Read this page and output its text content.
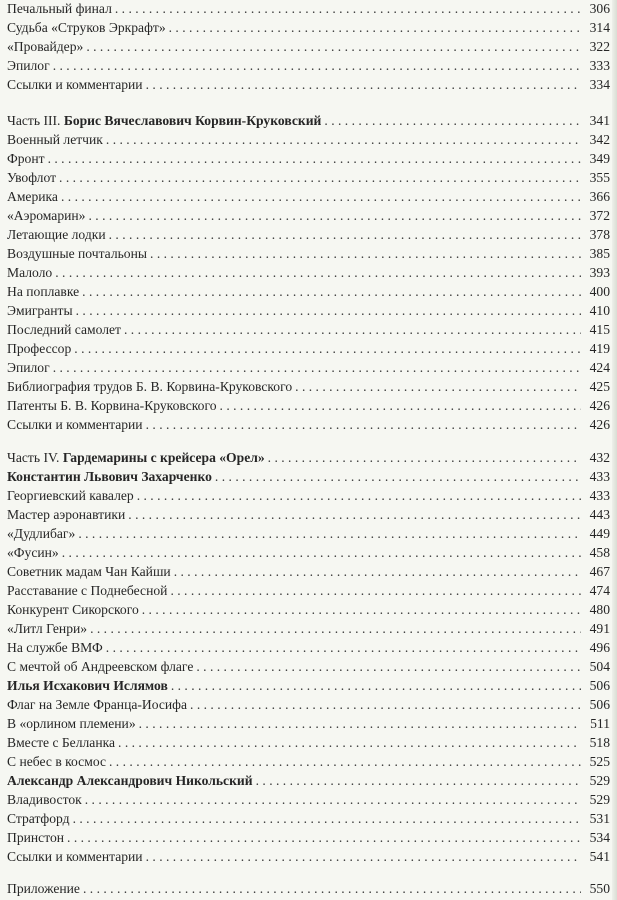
Печальный финал . . .	306
Судьба «Струков Эркрафт» . . .	314
«Провайдер» . . .	322
Эпилог . . .	333
Ссылки и комментарии . . .	334
Часть III. Борис Вячеславович Корвин-Круковский . . .	341
Военный летчик . . .	342
Фронт . . .	349
Увофлот . . .	355
Америка . . .	366
«Аэромарин» . . .	372
Летающие лодки . . .	378
Воздушные почтальоны . . .	385
Малоло . . .	393
На поплавке . . .	400
Эмигранты . . .	410
Последний самолет . . .	415
Профессор . . .	419
Эпилог . . .	424
Библиография трудов Б. В. Корвина-Круковского . . .	425
Патенты Б. В. Корвина-Круковского . . .	426
Ссылки и комментарии . . .	426
Часть IV. Гардемарины с крейсера «Орел» . . .	432
Константин Львович Захарченко . . .	433
Георгиевский кавалер . . .	433
Мастер аэронавтики . . .	443
«Дудлибаг» . . .	449
«Фусин» . . .	458
Советник мадам Чан Кайши . . .	467
Расставание с Поднебесной . . .	474
Конкурент Сикорского . . .	480
«Литл Генри» . . .	491
На службе ВМФ . . .	496
С мечтой об Андреевском флаге . . .	504
Илья Исхакович Ислямов . . .	506
Флаг на Земле Франца-Иосифа . . .	506
В «орлином племени» . . .	511
Вместе с Белланка . . .	518
С небес в космос . . .	525
Александр Александрович Никольский . . .	529
Владивосток . . .	529
Стратфорд . . .	531
Принстон . . .	534
Ссылки и комментарии . . .	541
Приложение . . .	550
